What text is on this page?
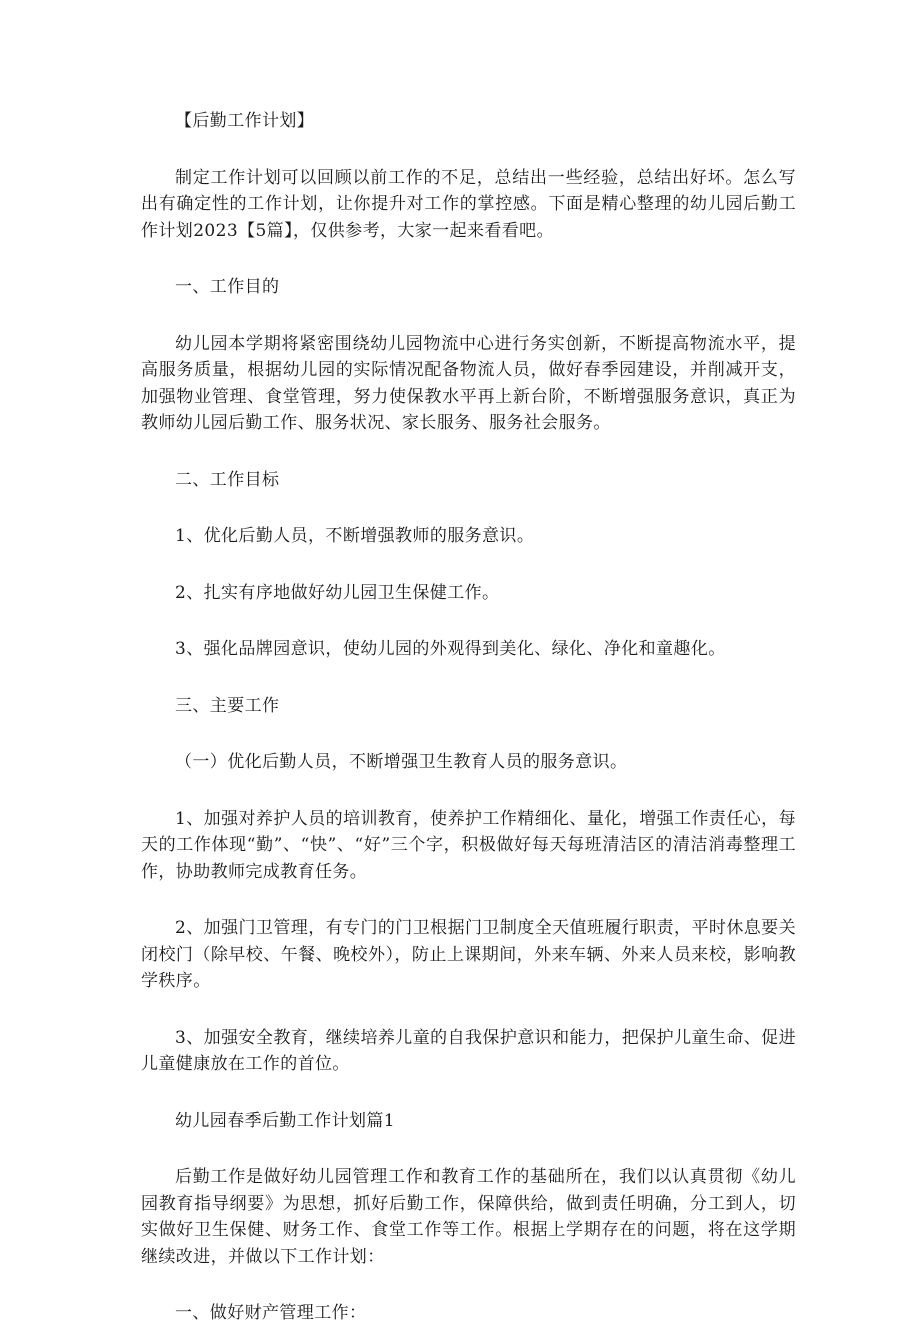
【后勤工作计划】

制定工作计划可以回顾以前工作的不足，总结出一些经验，总结出好坏。怎么写出有确定性的工作计划，让你提升对工作的掌控感。下面是精心整理的幼儿园后勤工作计划2023【5篇】，仅供参考，大家一起来看看吧。

一、工作目的

幼儿园本学期将紧密围绕幼儿园物流中心进行务实创新，不断提高物流水平，提高服务质量，根据幼儿园的实际情况配备物流人员，做好春季园建设，并削减开支，加强物业管理、食堂管理，努力使保教水平再上新台阶，不断增强服务意识，真正为教师幼儿园后勤工作、服务状况、家长服务、服务社会服务。

二、工作目标

1、优化后勤人员，不断增强教师的服务意识。

2、扎实有序地做好幼儿园卫生保健工作。

3、强化品牌园意识，使幼儿园的外观得到美化、绿化、净化和童趣化。

三、主要工作

（一）优化后勤人员，不断增强卫生教育人员的服务意识。

1、加强对养护人员的培训教育，使养护工作精细化、量化，增强工作责任心，每天的工作体现“勤”、“快”、“好”三个字，积极做好每天每班清洁区的清洁消毒整理工作，协助教师完成教育任务。

2、加强门卫管理，有专门的门卫根据门卫制度全天值班履行职责，平时休息要关闭校门（除早校、午餐、晚校外），防止上课期间，外来车辆、外来人员来校，影响教学秩序。

3、加强安全教育，继续培养儿童的自我保护意识和能力，把保护儿童生命、促进儿童健康放在工作的首位。

幼儿园春季后勤工作计划篇1

后勤工作是做好幼儿园管理工作和教育工作的基础所在，我们以认真贯彻《幼儿园教育指导纲要》为思想，抓好后勤工作，保障供给，做到责任明确，分工到人，切实做好卫生保健、财务工作、食堂工作等工作。根据上学期存在的问题，将在这学期继续改进，并做以下工作计划：

一、做好财产管理工作：
